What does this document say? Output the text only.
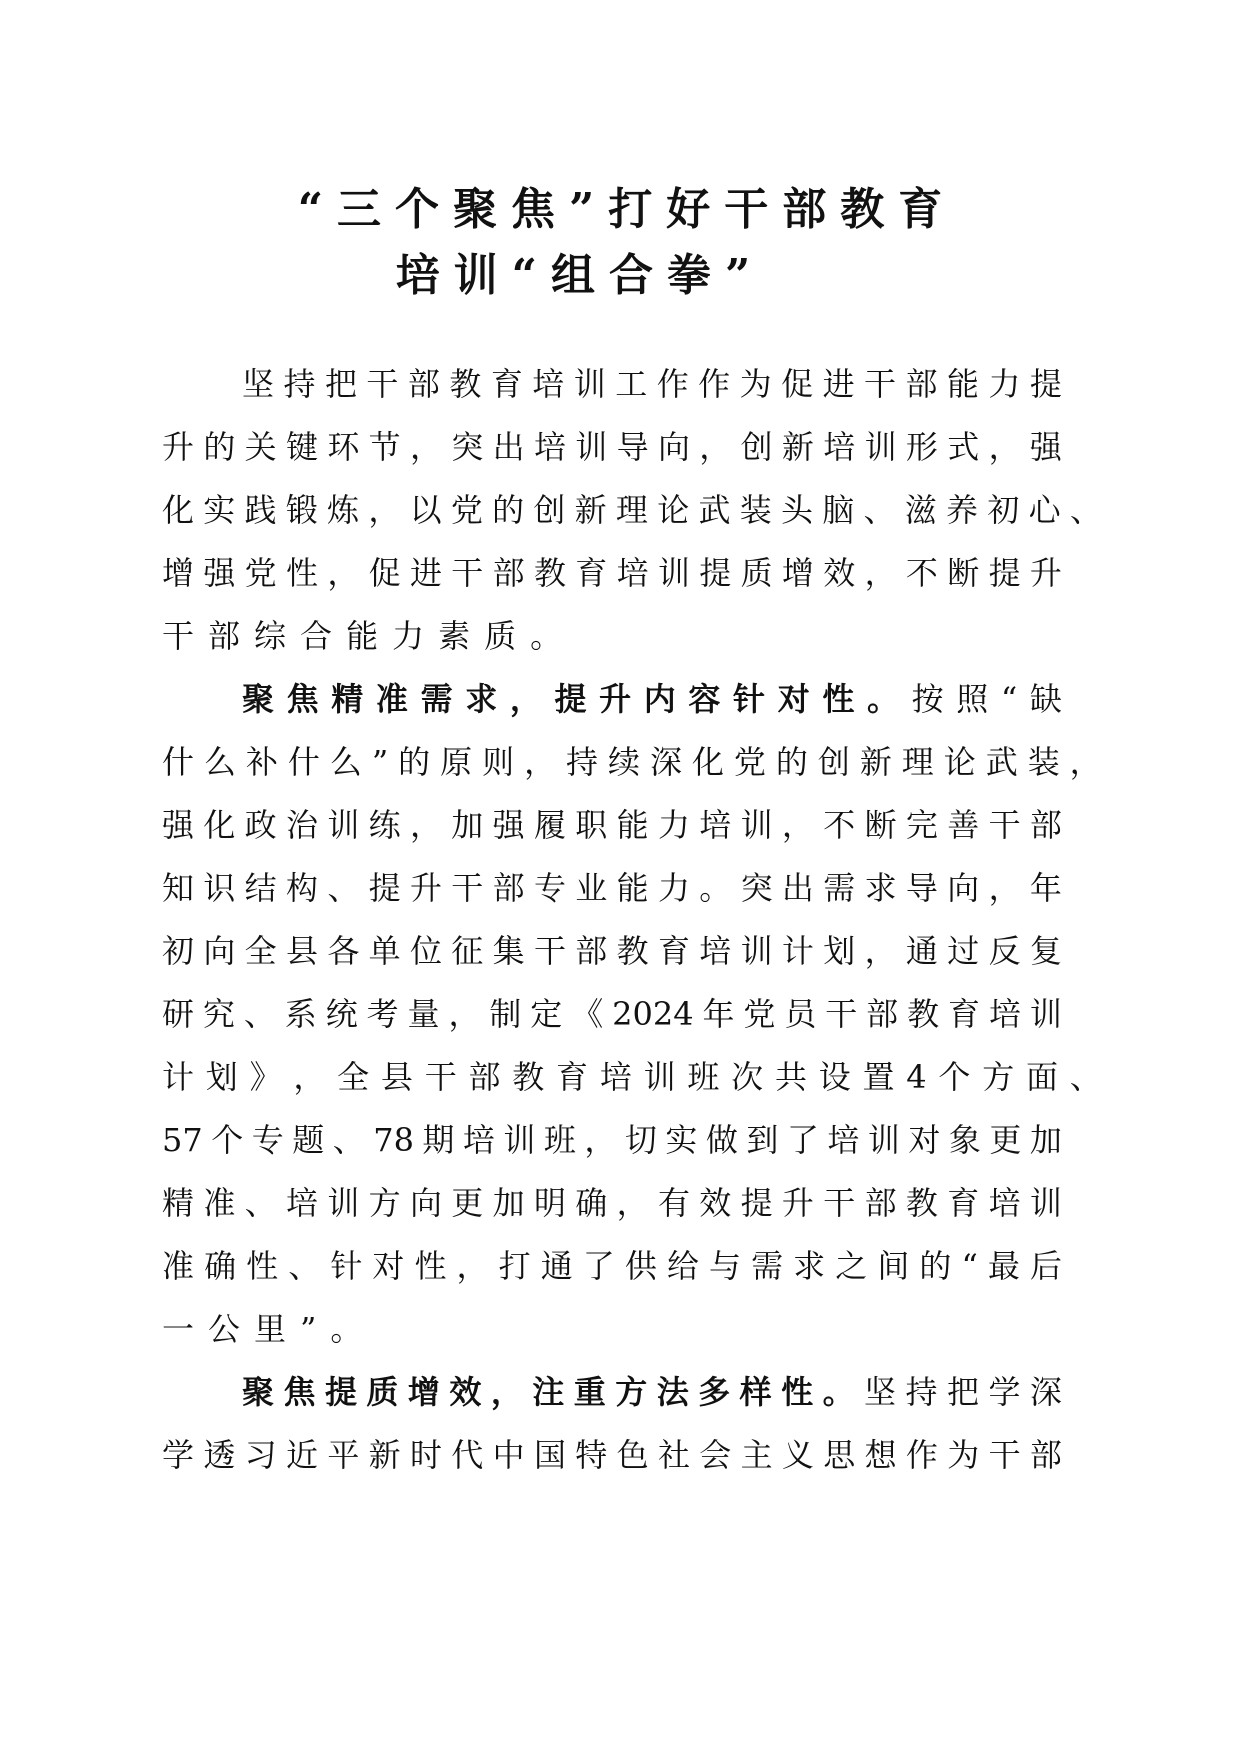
“三个聚焦”打好干部教育
培训“组合拳”
坚 持 把 干 部 教 育 培 训 工 作 作 为 促 进 干 部 能 力 提
升 的 关 键 环 节 ， 突 出 培 训 导 向 ， 创 新 培 训 形 式 ， 强
化 实 践 锻 炼 ， 以 党 的 创 新 理 论 武 装 头 脑 、 滋 养 初 心 、
增 强 党 性 ， 促 进 干 部 教 育 培 训 提 质 增 效 ， 不 断 提 升
干 部 综 合 能 力 素 质 。
聚 焦 精 准 需 求 ， 提 升 内 容 针 对 性 。 按 照 “ 缺
什 么 补 什 么 ” 的 原 则 ， 持 续 深 化 党 的 创 新 理 论 武 装 ，
强 化 政 治 训 练 ， 加 强 履 职 能 力 培 训 ， 不 断 完 善 干 部
知 识 结 构 、 提 升 干 部 专 业 能 力 。 突 出 需 求 导 向 ， 年
初 向 全 县 各 单 位 征 集 干 部 教 育 培 训 计 划 ， 通 过 反 复
研 究 、 系 统 考 量 ， 制 定 《 2024 年 党 员 干 部 教 育 培 训
计 划 》 ， 全 县 干 部 教 育 培 训 班 次 共 设 置 4 个 方 面 、
57 个 专 题 、 78 期 培 训 班 ， 切 实 做 到 了 培 训 对 象 更 加
精 准 、 培 训 方 向 更 加 明 确 ， 有 效 提 升 干 部 教 育 培 训
准 确 性 、 针 对 性 ， 打 通 了 供 给 与 需 求 之 间 的 “ 最 后
一 公 里 ” 。
聚 焦 提 质 增 效 ， 注 重 方 法 多 样 性 。 坚 持 把 学 深
学 透 习 近 平 新 时 代 中 国 特 色 社 会 主 义 思 想 作 为 干 部
